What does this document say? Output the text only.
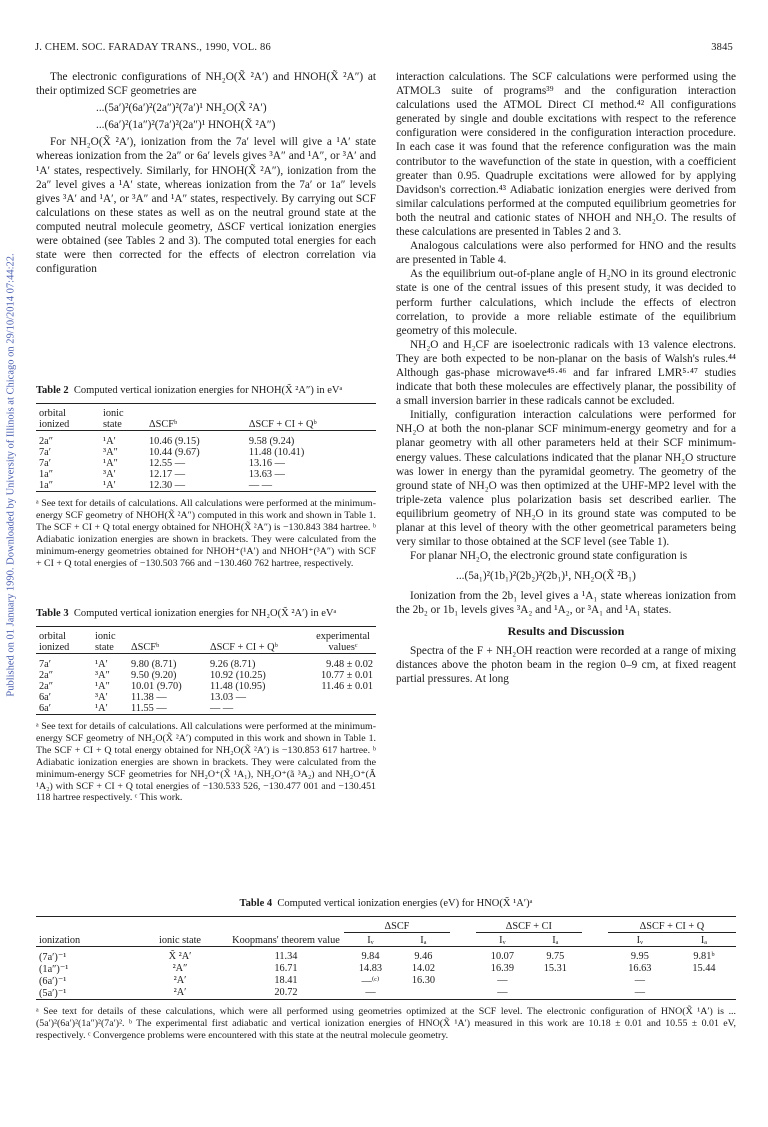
J. CHEM. SOC. FARADAY TRANS., 1990, VOL. 86	3845
Published on 01 January 1990. Downloaded by University of Illinois at Chicago on 29/10/2014 07:44:22.

The electronic configurations of NH₂O(X̃ ²A′) and HNOH(X̃ ²A″) at their optimized SCF geometries are

...(5a′)²(6a′)²(2a″)²(7a′)¹ NH₂O(X̃ ²A′)
...(6a′)²(1a″)²(7a′)²(2a″)¹ HNOH(X̃ ²A″)

For NH₂O(X̃ ²A′), ionization from the 7a′ level will give a ¹A′ state whereas ionization from the 2a″ or 6a′ levels gives ³A″ and ¹A″, or ³A′ and ¹A′ states, respectively. Similarly, for HNOH(X̃ ²A″), ionization from the 2a″ level gives a ¹A′ state, whereas ionization from the 7a′ or 1a″ levels gives ³A′ and ¹A′, or ³A″ and ¹A″ states, respectively. By carrying out SCF calculations on these states as well as on the neutral ground state at the computed neutral molecule geometry, ΔSCF vertical ionization energies were obtained (see Tables 2 and 3). The computed total energies for each state were then corrected for the effects of electron correlation via configuration

Table 2 Computed vertical ionization energies for NHOH(X̃ ²A″) in eVᵃ

orbital ionized	ionic state	ΔSCFᵇ	ΔSCF + CI + Qᵇ

2a″	¹A′	10.46 (9.15)	9.58 (9.24)
7a′	³A″	10.44 (9.67)	11.48 (10.41)
7a′	¹A″	12.55 —	13.16 —
1a″	³A′	12.17 —	13.63 —
1a″	¹A′	12.30 —	— —

ᵃ See text for details of calculations. All calculations were performed at the minimum-energy SCF geometry of NHOH(X̃ ²A″) computed in this work and shown in Table 1. The SCF + CI + Q total energy obtained for NHOH(X̃ ²A″) is −130.843 384 hartree. ᵇ Adiabatic ionization energies are shown in brackets. They were calculated from the minimum-energy geometries obtained for NHOH⁺(¹A′) and NHOH⁺(³A″) with SCF + CI + Q total energies of −130.503 766 and −130.460 762 hartree, respectively.

Table 3 Computed vertical ionization energies for NH₂O(X̃ ²A′) in eVᵃ

orbital ionized	ionic state	ΔSCFᵇ	ΔSCF + CI + Qᵇ	experimental valuesᶜ

7a′	¹A′	9.80 (8.71)	9.26 (8.71)	9.48 ± 0.02
2a″	³A″	9.50 (9.20)	10.92 (10.25)	10.77 ± 0.01
2a″	¹A″	10.01 (9.70)	11.48 (10.95)	11.46 ± 0.01
6a′	³A′	11.38 —	13.03 —	
6a′	¹A′	11.55 —	— —	

ᵃ See text for details of calculations. All calculations were performed at the minimum-energy SCF geometry of NH₂O(X̃ ²A′) computed in this work and shown in Table 1. The SCF + CI + Q total energy obtained for NH₂O(X̃ ²A′) is −130.853 617 hartree. ᵇ Adiabatic ionization energies are shown in brackets. They were calculated from the minimum-energy SCF geometries for NH₂O⁺(X̃ ¹A₁), NH₂O⁺(ã ³A₂) and NH₂O⁺(Ã ¹A₂) with SCF + CI + Q total energies of −130.533 526, −130.477 001 and −130.451 118 hartree respectively. ᶜ This work.

interaction calculations. The SCF calculations were performed using the ATMOL3 suite of programs³⁹ and the configuration interaction calculations used the ATMOL Direct CI method.⁴² All configurations generated by single and double excitations with respect to the reference configuration were considered in the configuration interaction procedure. In each case it was found that the reference configuration was the main contributor to the wavefunction of the state in question, with a coefficient greater than 0.95. Quadruple excitations were allowed for by applying Davidson's correction.⁴³ Adiabatic ionization energies were derived from similar calculations performed at the computed equilibrium geometries for both the neutral and cationic states of NHOH and NH₂O. The results of these calculations are presented in Tables 2 and 3.

Analogous calculations were also performed for HNO and the results are presented in Table 4.

As the equilibrium out-of-plane angle of H₂NO in its ground electronic state is one of the central issues of this present study, it was decided to perform further calculations, which include the effects of electron correlation, to provide a more reliable estimate of the equilibrium geometry of this molecule.

NH₂O and H₂CF are isoelectronic radicals with 13 valence electrons. They are both expected to be non-planar on the basis of Walsh's rules.⁴⁴ Although gas-phase microwave⁴⁵·⁴⁶ and far infrared LMR⁵·⁴⁷ studies indicate that both these molecules are effectively planar, the possibility of a small inversion barrier in these radicals cannot be excluded.

Initially, configuration interaction calculations were performed for NH₂O at both the non-planar SCF minimum-energy geometry and for a planar geometry with all other parameters held at their SCF minimum-energy values. These calculations indicated that the planar NH₂O structure was lower in energy than the pyramidal geometry. The geometry of the ground state of NH₂O was then optimized at the UHF-MP2 level with the triple-zeta valence plus polarization basis set described earlier. The equilibrium geometry of NH₂O in its ground state was computed to be planar at this level of theory with the other geometrical parameters being very similar to those obtained at the SCF level (see Table 1).

For planar NH₂O, the electronic ground state configuration is

...(5a₁)²(1b₁)²(2b₂)²(2b₁)¹, NH₂O(X̃ ²B₁)

Ionization from the 2b₁ level gives a ¹A₁ state whereas ionization from the 2b₂ or 1b₁ levels gives ³A₂ and ¹A₂, or ³A₁ and ¹A₁ states.

Results and Discussion

Spectra of the F + NH₂OH reaction were recorded at a range of mixing distances above the photon beam in the region 0–9 cm, at fixed reagent partial pressures. At long

Table 4 Computed vertical ionization energies (eV) for HNO(X̃ ¹A′)ᵃ

ionization	ionic state	Koopmans' theorem value	ΔSCF			ΔSCF + CI			ΔSCF + CI + Q	
			Iᵥ	Iₐ		Iᵥ	Iₐ		Iᵥ	Iₐ

(7a′)⁻¹	X̃ ²A′	11.34	9.84	9.46		10.07	9.75		9.95	9.81ᵇ
(1a″)⁻¹	²A″	16.71	14.83	14.02		16.39	15.31		16.63	15.44
(6a′)⁻¹	²A′	18.41	—⁽ᶜ⁾	16.30		—			—	
(5a′)⁻¹	²A′	20.72	—			—			—	

ᵃ See text for details of these calculations, which were all performed using geometries optimized at the SCF level. The electronic configuration of HNO(X̃ ¹A′) is ... (5a′)²(6a′)²(1a″)²(7a′)². ᵇ The experimental first adiabatic and vertical ionization energies of HNO(X̃ ¹A′) measured in this work are 10.18 ± 0.01 and 10.55 ± 0.01 eV, respectively. ᶜ Convergence problems were encountered with this state at the neutral molecule geometry.
